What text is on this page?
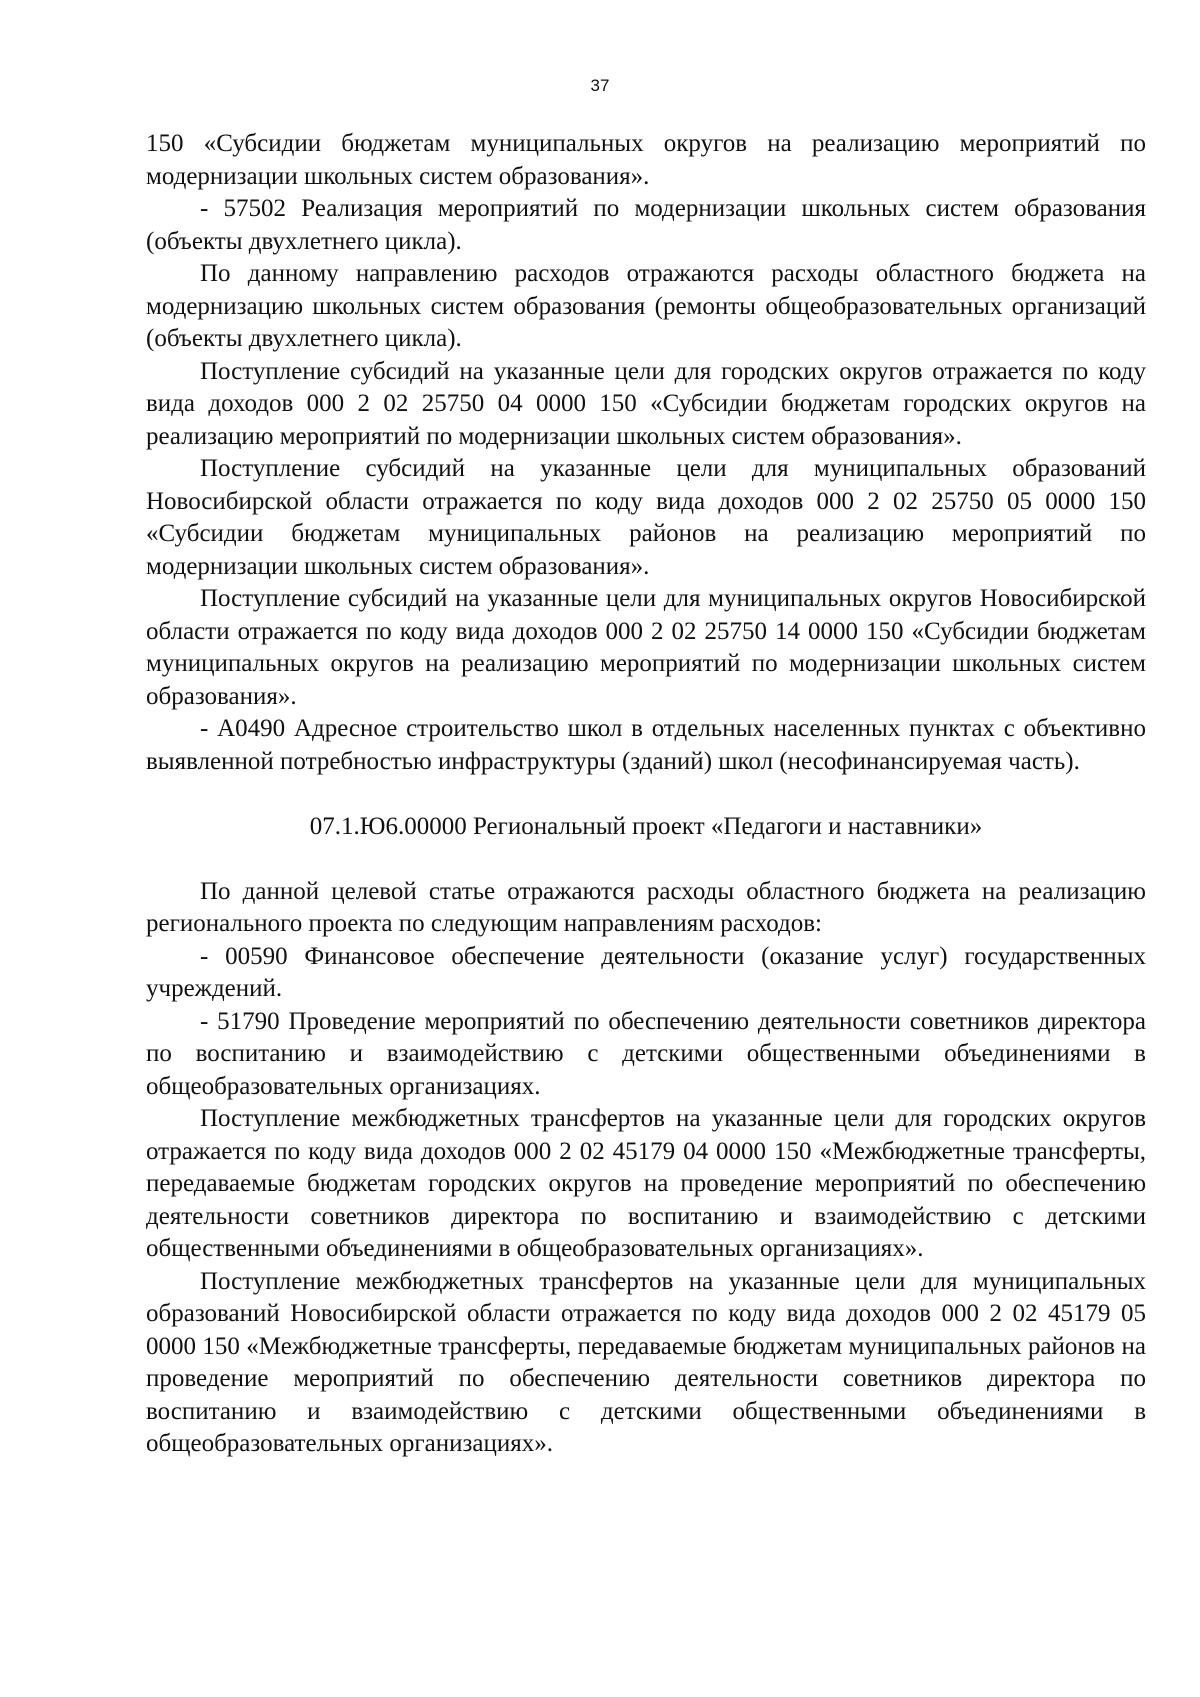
37

150 «Субсидии бюджетам муниципальных округов на реализацию мероприятий по модернизации школьных систем образования».

- 57502 Реализация мероприятий по модернизации школьных систем образования (объекты двухлетнего цикла).

По данному направлению расходов отражаются расходы областного бюджета на модернизацию школьных систем образования (ремонты общеобразовательных организаций (объекты двухлетнего цикла).

Поступление субсидий на указанные цели для городских округов отражается по коду вида доходов 000 2 02 25750 04 0000 150 «Субсидии бюджетам городских округов на реализацию мероприятий по модернизации школьных систем образования».

Поступление субсидий на указанные цели для муниципальных образований Новосибирской области отражается по коду вида доходов 000 2 02 25750 05 0000 150 «Субсидии бюджетам муниципальных районов на реализацию мероприятий по модернизации школьных систем образования».

Поступление субсидий на указанные цели для муниципальных округов Новосибирской области отражается по коду вида доходов 000 2 02 25750 14 0000 150 «Субсидии бюджетам муниципальных округов на реализацию мероприятий по модернизации школьных систем образования».

- А0490 Адресное строительство школ в отдельных населенных пунктах с объективно выявленной потребностью инфраструктуры (зданий) школ (несофинансируемая часть).

07.1.Ю6.00000 Региональный проект «Педагоги и наставники»

По данной целевой статье отражаются расходы областного бюджета на реализацию регионального проекта по следующим направлениям расходов:

- 00590 Финансовое обеспечение деятельности (оказание услуг) государственных учреждений.

- 51790 Проведение мероприятий по обеспечению деятельности советников директора по воспитанию и взаимодействию с детскими общественными объединениями в общеобразовательных организациях.

Поступление межбюджетных трансфертов на указанные цели для городских округов отражается по коду вида доходов 000 2 02 45179 04 0000 150 «Межбюджетные трансферты, передаваемые бюджетам городских округов на проведение мероприятий по обеспечению деятельности советников директора по воспитанию и взаимодействию с детскими общественными объединениями в общеобразовательных организациях».

Поступление межбюджетных трансфертов на указанные цели для муниципальных образований Новосибирской области отражается по коду вида доходов 000 2 02 45179 05 0000 150 «Межбюджетные трансферты, передаваемые бюджетам муниципальных районов на проведение мероприятий по обеспечению деятельности советников директора по воспитанию и взаимодействию с детскими общественными объединениями в общеобразовательных организациях».
